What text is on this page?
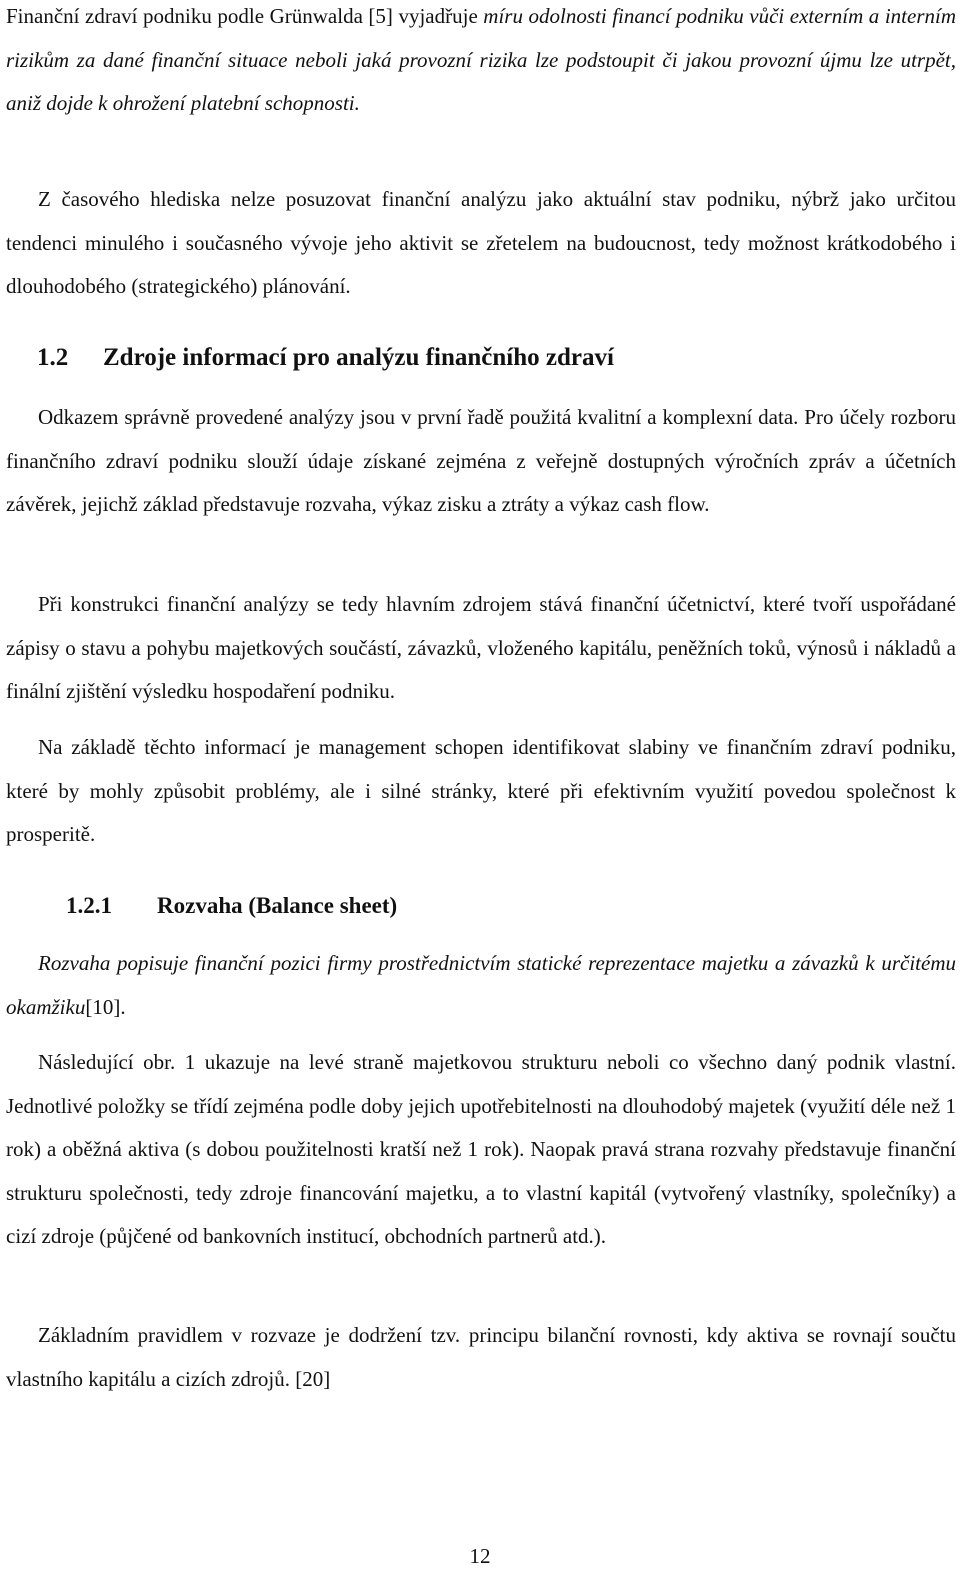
Finanční zdraví podniku podle Grünwalda [5] vyjadřuje míru odolnosti financí podniku vůči externím a interním rizikům za dané finanční situace neboli jaká provozní rizika lze podstoupit či jakou provozní újmu lze utrpět, aniž dojde k ohrožení platební schopnosti.

Z časového hlediska nelze posuzovat finanční analýzu jako aktuální stav podniku, nýbrž jako určitou tendenci minulého i současného vývoje jeho aktivit se zřetelem na budoucnost, tedy možnost krátkodobého i dlouhodobého (strategického) plánování.

1.2 Zdroje informací pro analýzu finančního zdraví

Odkazem správně provedené analýzy jsou v první řadě použitá kvalitní a komplexní data. Pro účely rozboru finančního zdraví podniku slouží údaje získané zejména z veřejně dostupných výročních zpráv a účetních závěrek, jejichž základ představuje rozvaha, výkaz zisku a ztráty a výkaz cash flow.

Při konstrukci finanční analýzy se tedy hlavním zdrojem stává finanční účetnictví, které tvoří uspořádané zápisy o stavu a pohybu majetkových součástí, závazků, vloženého kapitálu, peněžních toků, výnosů i nákladů a finální zjištění výsledku hospodaření podniku.

Na základě těchto informací je management schopen identifikovat slabiny ve finančním zdraví podniku, které by mohly způsobit problémy, ale i silné stránky, které při efektivním využití povedou společnost k prosperitě.

1.2.1 Rozvaha (Balance sheet)

Rozvaha popisuje finanční pozici firmy prostřednictvím statické reprezentace majetku a závazků k určitému okamžiku[10].

Následující obr. 1 ukazuje na levé straně majetkovou strukturu neboli co všechno daný podnik vlastní. Jednotlivé položky se třídí zejména podle doby jejich upotřebitelnosti na dlouhodobý majetek (využití déle než 1 rok) a oběžná aktiva (s dobou použitelnosti kratší než 1 rok). Naopak pravá strana rozvahy představuje finanční strukturu společnosti, tedy zdroje financování majetku, a to vlastní kapitál (vytvořený vlastníky, společníky) a cizí zdroje (půjčené od bankovních institucí, obchodních partnerů atd.).

Základním pravidlem v rozvaze je dodržení tzv. principu bilanční rovnosti, kdy aktiva se rovnají součtu vlastního kapitálu a cizích zdrojů. [20]

12
